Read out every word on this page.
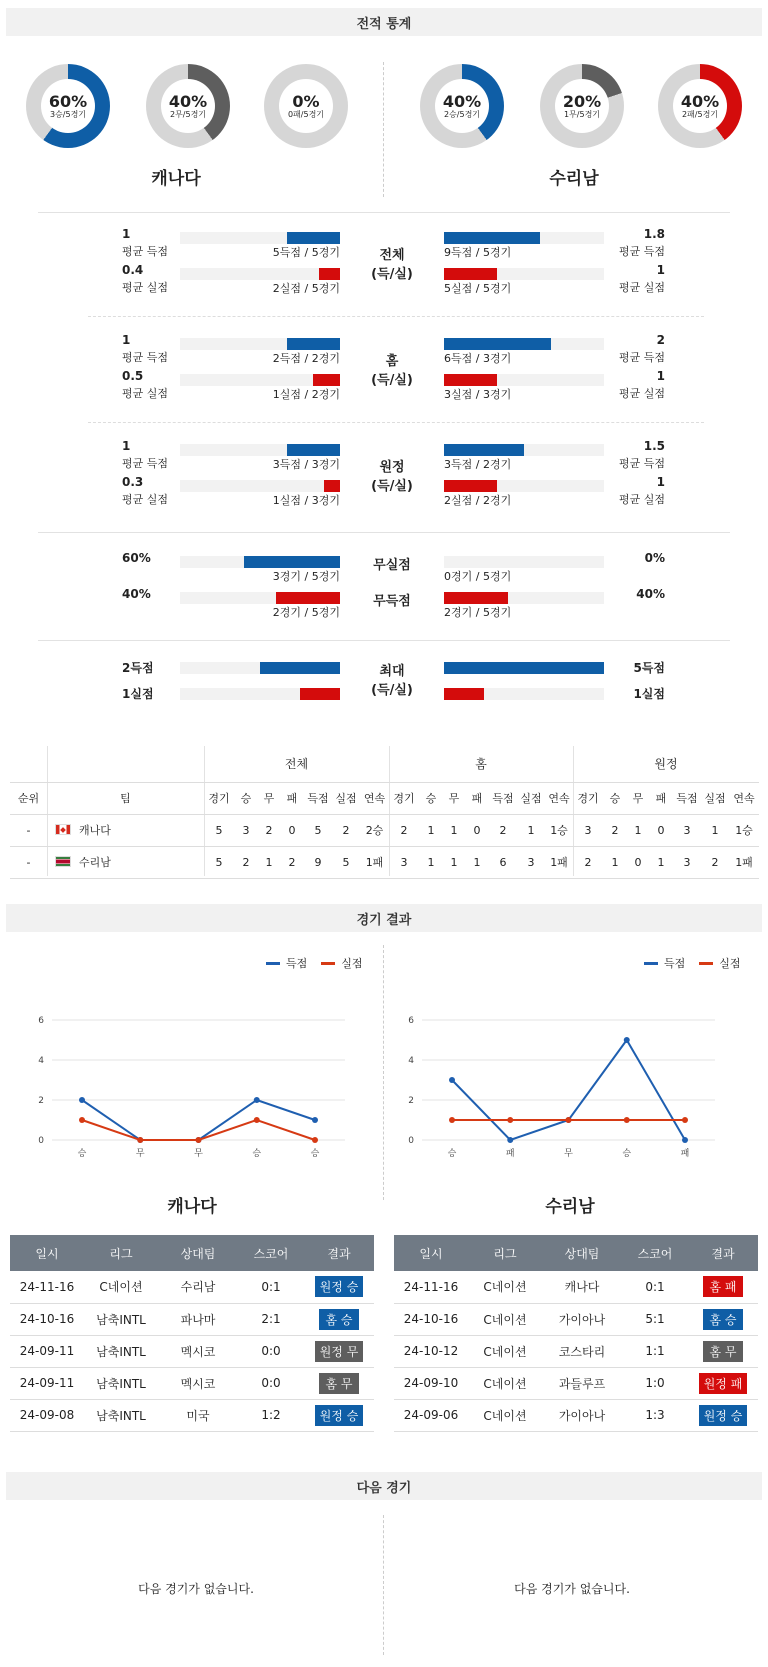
전적 통계
60%
3승/5경기
40%
2무/5경기
0%
0패/5경기
40%
2승/5경기
20%
1무/5경기
40%
2패/5경기
캐나다	수리남
1
평균 득점	5득점 / 5경기
1.8
평균 득점
9득점 / 5경기
0.4
평균 실점	2실점 / 5경기
1
평균 실점
5실점 / 5경기
전체
(득/실)
1
평균 득점	2득점 / 2경기
2
평균 득점
6득점 / 3경기
0.5
평균 실점	1실점 / 2경기
1
평균 실점
3실점 / 3경기
홈
(득/실)
1
평균 득점	3득점 / 3경기
1.5
평균 득점
3득점 / 2경기
0.3
평균 실점	1실점 / 3경기
1
평균 실점
2실점 / 2경기
원정
(득/실)
60%
3경기 / 5경기
0%
0경기 / 5경기
무실점
40%
2경기 / 5경기
40%
2경기 / 5경기
무득점
2득점	5득점
1실점	1실점
최대
(득/실)
		전체							홈							원정						
순위	팀	경기	승	무	패	득점	실점	연속	경기	승	무	패	득점	실점	연속	경기	승	무	패	득점	실점	연속
-	캐나다	5	3	2	0	5	2	2승	2	1	1	0	2	1	1승	3	2	1	0	3	1	1승
-	수리남	5	2	1	2	9	5	1패	3	1	1	1	6	3	1패	2	1	0	1	3	2	1패
경기 결과
득점	실점	득점	실점
0
2
4
6
승	무	무	승	승
0
2
4
6
승	패	무	승	패
캐나다	수리남
일시	리그	상대팀	스코어	결과
24-11-16	C네이션	수리남	0:1	원정 승
24-10-16	남축INTL	파나마	2:1	홈 승
24-09-11	남축INTL	멕시코	0:0	원정 무
24-09-11	남축INTL	멕시코	0:0	홈 무
24-09-08	남축INTL	미국	1:2	원정 승
일시	리그	상대팀	스코어	결과
24-11-16	C네이션	캐나다	0:1	홈 패
24-10-16	C네이션	가이아나	5:1	홈 승
24-10-12	C네이션	코스타리	1:1	홈 무
24-09-10	C네이션	과들루프	1:0	원정 패
24-09-06	C네이션	가이아나	1:3	원정 승
다음 경기
다음 경기가 없습니다.	다음 경기가 없습니다.
